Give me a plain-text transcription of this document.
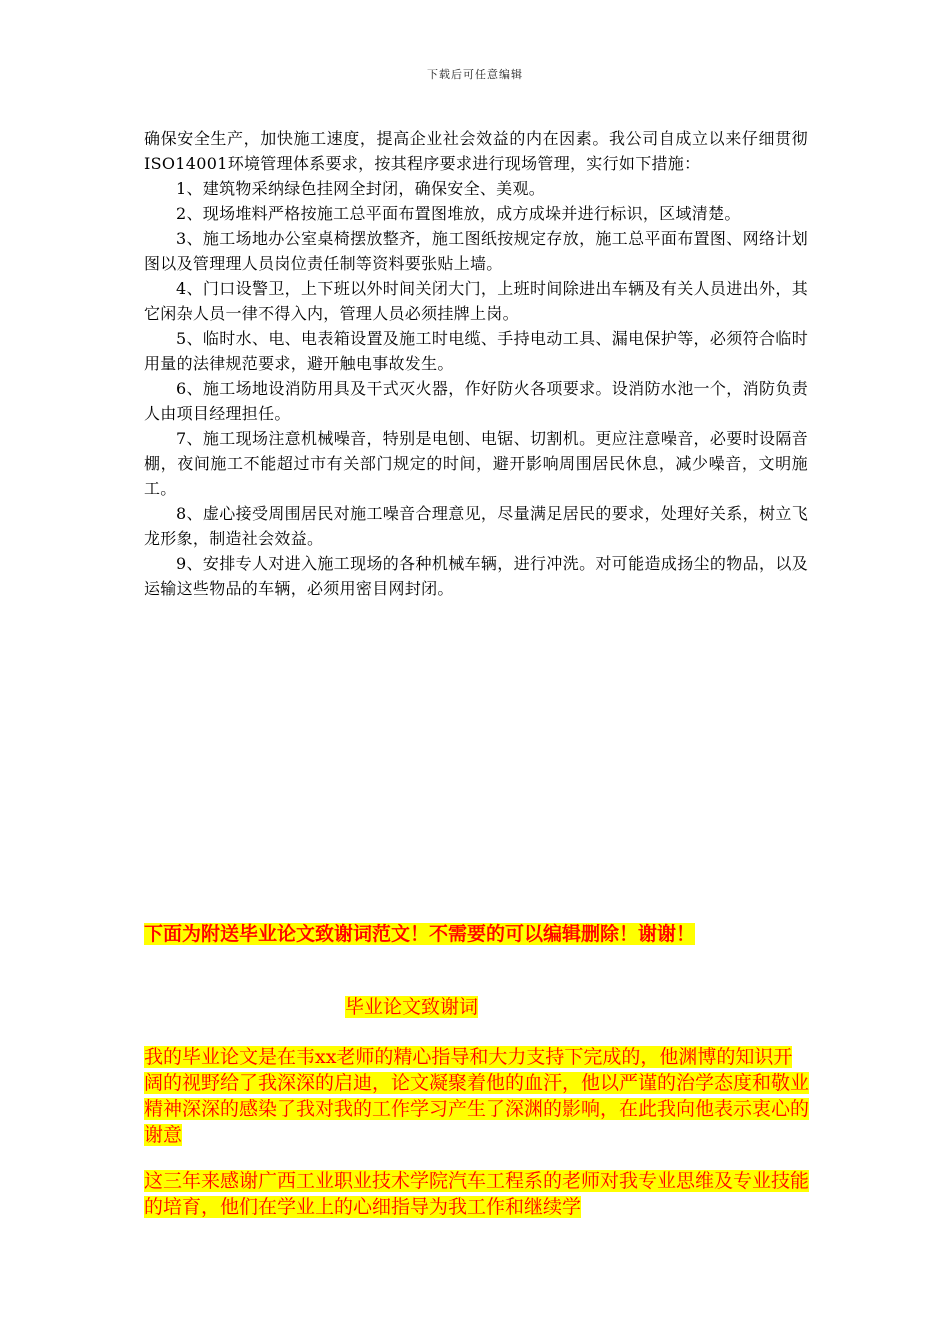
下载后可任意编辑

确保安全生产，加快施工速度，提高企业社会效益的内在因素。我公司自成立以来仔细贯彻ISO14001环境管理体系要求，按其程序要求进行现场管理，实行如下措施：

1、建筑物采纳绿色挂网全封闭，确保安全、美观。

2、现场堆料严格按施工总平面布置图堆放，成方成垛并进行标识，区域清楚。

3、施工场地办公室桌椅摆放整齐，施工图纸按规定存放，施工总平面布置图、网络计划图以及管理理人员岗位责任制等资料要张贴上墙。

4、门口设警卫，上下班以外时间关闭大门，上班时间除进出车辆及有关人员进出外，其它闲杂人员一律不得入内，管理人员必须挂牌上岗。

5、临时水、电、电表箱设置及施工时电缆、手持电动工具、漏电保护等，必须符合临时用量的法律规范要求，避开触电事故发生。

6、施工场地设消防用具及干式灭火器，作好防火各项要求。设消防水池一个，消防负责人由项目经理担任。

7、施工现场注意机械噪音，特别是电刨、电锯、切割机。更应注意噪音，必要时设隔音棚，夜间施工不能超过市有关部门规定的时间，避开影响周围居民休息，减少噪音，文明施工。

8、虚心接受周围居民对施工噪音合理意见，尽量满足居民的要求，处理好关系，树立飞龙形象，制造社会效益。

9、安排专人对进入施工现场的各种机械车辆，进行冲洗。对可能造成扬尘的物品，以及运输这些物品的车辆，必须用密目网封闭。

下面为附送毕业论文致谢词范文！不需要的可以编辑删除！谢谢！
毕业论文致谢词
我的毕业论文是在韦xx老师的精心指导和大力支持下完成的，他渊博的知识开阔的视野给了我深深的启迪，论文凝聚着他的血汗，他以严谨的治学态度和敬业精神深深的感染了我对我的工作学习产生了深渊的影响，在此我向他表示衷心的谢意
这三年来感谢广西工业职业技术学院汽车工程系的老师对我专业思维及专业技能的培育，他们在学业上的心细指导为我工作和继续学
